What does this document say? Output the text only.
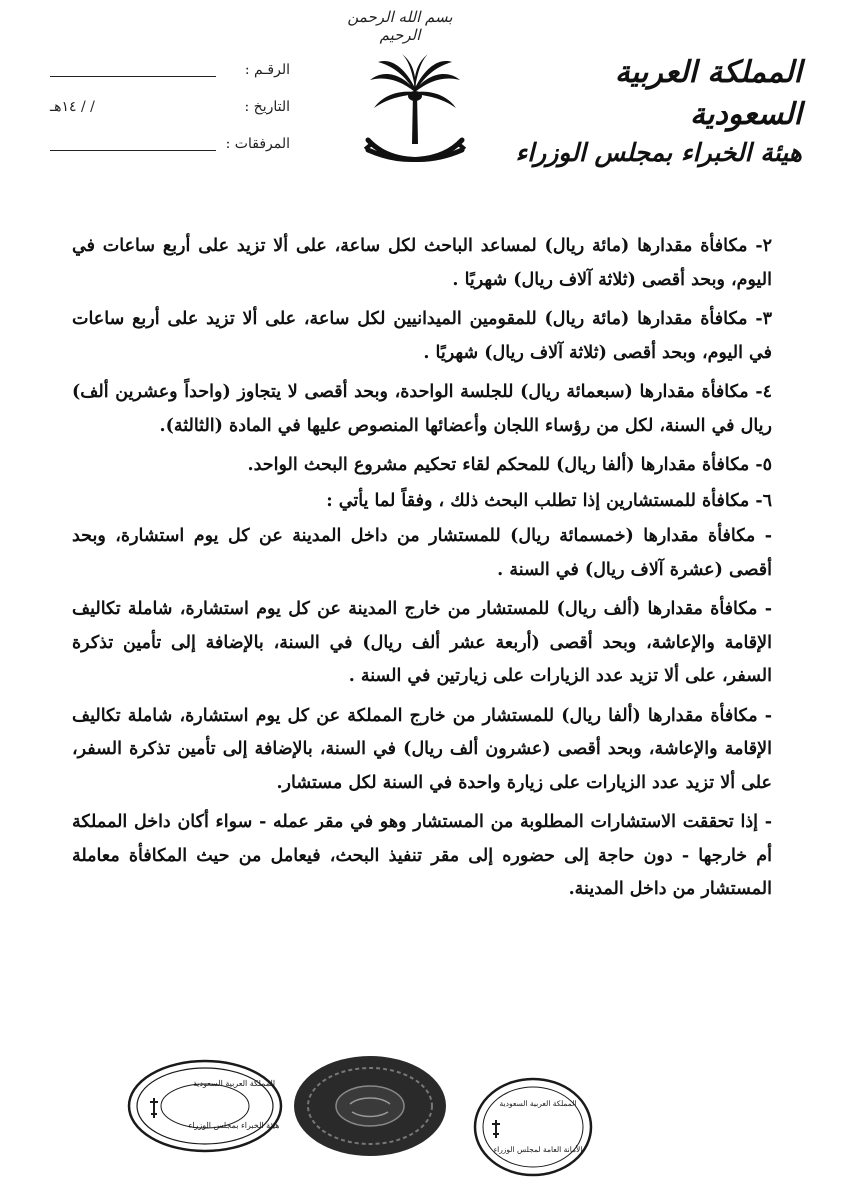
بسم الله الرحمن الرحيم
المملكة العربية السعودية
هيئة الخبراء بمجلس الوزراء
الرقـم :
التاريخ :
/ / ١٤هـ
المرفقات :

٢- مكافأة مقدارها (مائة ريال) لمساعد الباحث لكل ساعة، على ألا تزيد على أربع ساعات في اليوم، وبحد أقصى (ثلاثة آلاف ريال) شهريًا .

٣- مكافأة مقدارها (مائة ريال) للمقومين الميدانيين لكل ساعة، على ألا تزيد على أربع ساعات في اليوم، وبحد أقصى (ثلاثة آلاف ريال) شهريًا .

٤- مكافأة مقدارها (سبعمائة ريال) للجلسة الواحدة، وبحد أقصى لا يتجاوز (واحداً وعشرين ألف) ريال في السنة، لكل من رؤساء اللجان وأعضائها المنصوص عليها في المادة (الثالثة).

٥- مكافأة مقدارها (ألفا ريال) للمحكم لقاء تحكيم مشروع البحث الواحد.

٦- مكافأة للمستشارين إذا تطلب البحث ذلك ، وفقاً لما يأتي :

- مكافأة مقدارها (خمسمائة ريال) للمستشار من داخل المدينة عن كل يوم استشارة، وبحد أقصى (عشرة آلاف ريال) في السنة .

- مكافأة مقدارها (ألف ريال) للمستشار من خارج المدينة عن كل يوم استشارة، شاملة تكاليف الإقامة والإعاشة، وبحد أقصى (أربعة عشر ألف ريال) في السنة، بالإضافة إلى تأمين تذكرة السفر، على ألا تزيد عدد الزيارات على زيارتين في السنة .

- مكافأة مقدارها (ألفا ريال) للمستشار من خارج المملكة عن كل يوم استشارة، شاملة تكاليف الإقامة والإعاشة، وبحد أقصى (عشرون ألف ريال) في السنة، بالإضافة إلى تأمين تذكرة السفر، على ألا تزيد عدد الزيارات على زيارة واحدة في السنة لكل مستشار.

- إذا تحققت الاستشارات المطلوبة من المستشار وهو في مقر عمله - سواء أكان داخل المملكة أم خارجها - دون حاجة إلى حضوره إلى مقر تنفيذ البحث، فيعامل من حيث المكافأة معاملة المستشار من داخل المدينة.

المملكة العربية السعودية
هيئة الخبراء بمجلس الوزراء
المملكة العربية السعودية
الأمانة العامة لمجلس الوزراء
